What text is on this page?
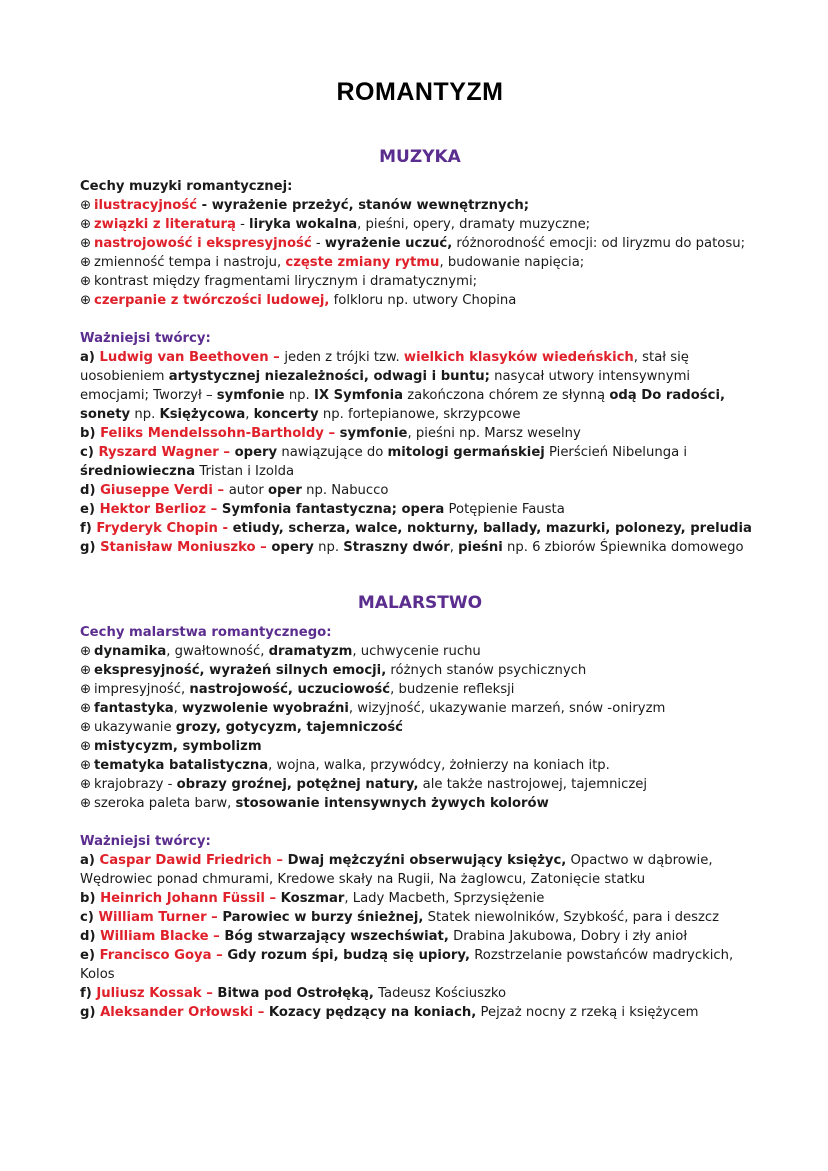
ROMANTYZM
MUZYKA
Cechy muzyki romantycznej:
⊕ ilustracyjność - wyrażenie przeżyć, stanów wewnętrznych;
⊕ związki z literaturą - liryka wokalna, pieśni, opery, dramaty muzyczne;
⊕ nastrojowość i ekspresyjność - wyrażenie uczuć, różnorodność emocji: od liryzmu do patosu;
⊕ zmienność tempa i nastroju, częste zmiany rytmu, budowanie napięcia;
⊕ kontrast między fragmentami lirycznym i dramatycznymi;
⊕ czerpanie z twórczości ludowej, folkloru np. utwory Chopina
Ważniejsi twórcy:
a) Ludwig van Beethoven – jeden z trójki tzw. wielkich klasyków wiedeńskich, stał się uosobieniem artystycznej niezależności, odwagi i buntu; nasycał utwory intensywnymi emocjami; Tworzył – symfonie np. IX Symfonia zakończona chórem ze słynną odą Do radości, sonety np. Księżycowa, koncerty np. fortepianowe, skrzypcowe
b) Feliks Mendelssohn-Bartholdy – symfonie, pieśni np. Marsz weselny
c) Ryszard Wagner – opery nawiązujące do mitologi germańskiej Pierścień Nibelunga i średniowieczna Tristan i Izolda
d) Giuseppe Verdi – autor oper np. Nabucco
e) Hektor Berlioz – Symfonia fantastyczna; opera Potępienie Fausta
f) Fryderyk Chopin - etiudy, scherza, walce, nokturny, ballady, mazurki, polonezy, preludia
g) Stanisław Moniuszko – opery np. Straszny dwór, pieśni np. 6 zbiorów Śpiewnika domowego
MALARSTWO
Cechy malarstwa romantycznego:
⊕ dynamika, gwałtowność, dramatyzm, uchwycenie ruchu
⊕ ekspresyjność, wyrażeń silnych emocji, różnych stanów psychicznych
⊕ impresyjność, nastrojowość, uczuciowość, budzenie refleksji
⊕ fantastyka, wyzwolenie wyobraźni, wizyjność, ukazywanie marzeń, snów -oniryzm
⊕ ukazywanie grozy, gotycyzm, tajemniczość
⊕ mistycyzm, symbolizm
⊕ tematyka batalistyczna, wojna, walka, przywódcy, żołnierzy na koniach itp.
⊕ krajobrazy - obrazy groźnej, potężnej natury, ale także nastrojowej, tajemniczej
⊕ szeroka paleta barw, stosowanie intensywnych żywych kolorów
Ważniejsi twórcy:
a) Caspar Dawid Friedrich – Dwaj mężczyźni obserwujący księżyc, Opactwo w dąbrowie, Wędrowiec ponad chmurami, Kredowe skały na Rugii, Na żaglowcu, Zatonięcie statku
b) Heinrich Johann Füssil – Koszmar, Lady Macbeth, Sprzysiężenie
c) William Turner – Parowiec w burzy śnieżnej, Statek niewolników, Szybkość, para i deszcz
d) William Blacke – Bóg stwarzający wszechświat, Drabina Jakubowa, Dobry i zły anioł
e) Francisco Goya – Gdy rozum śpi, budzą się upiory, Rozstrzelanie powstańców madryckich, Kolos
f) Juliusz Kossak – Bitwa pod Ostrołęką, Tadeusz Kościuszko
g) Aleksander Orłowski – Kozacy pędzący na koniach, Pejzaż nocny z rzeką i księżycem
